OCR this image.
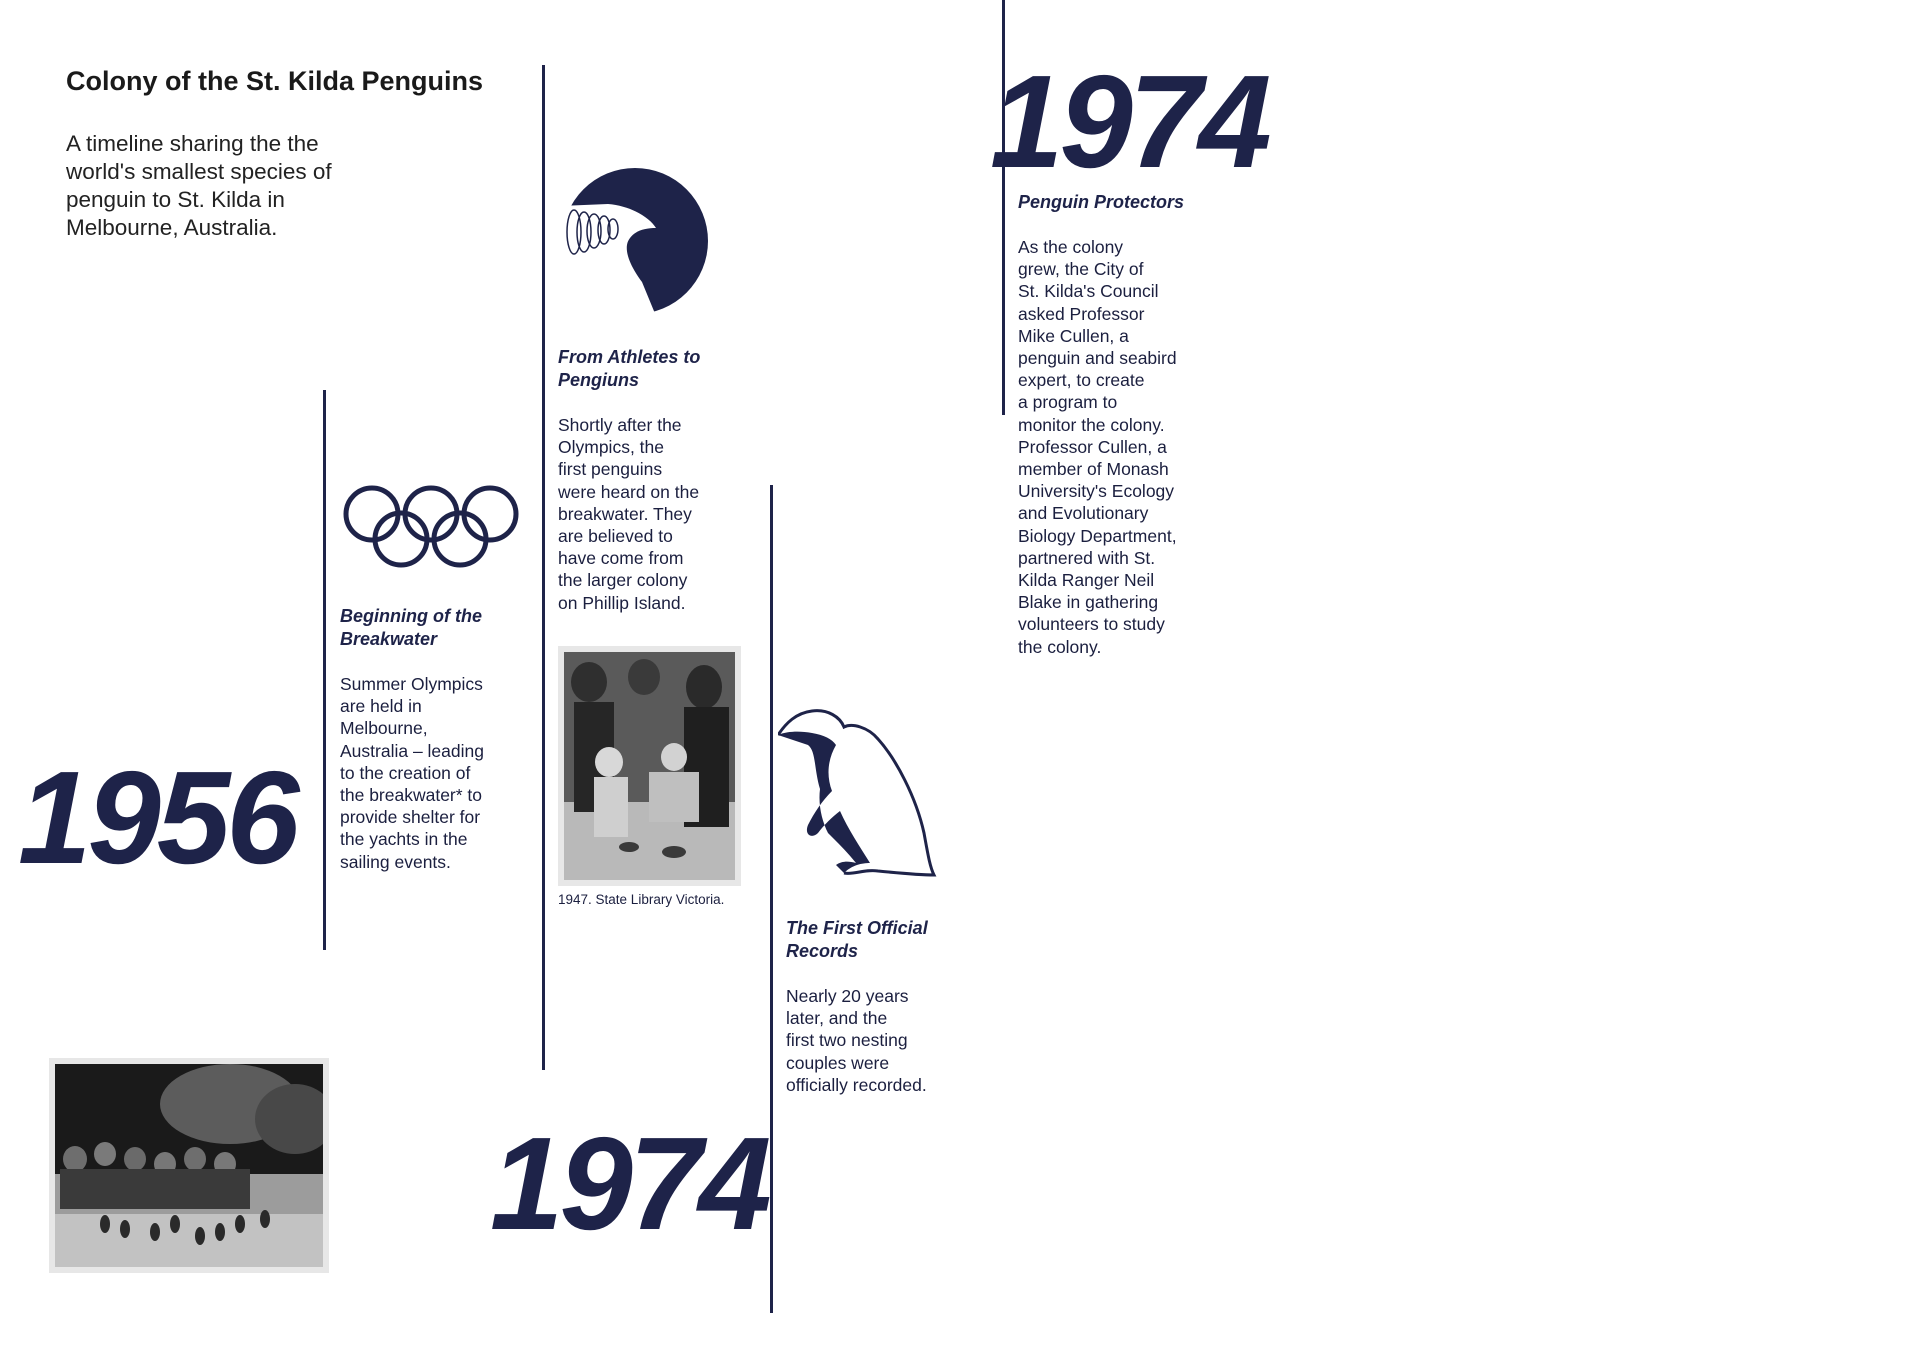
Colony of the St. Kilda Penguins
A timeline sharing the the world's smallest species of penguin to St. Kilda in Melbourne, Australia.
1956
1974
1974
Beginning of the
Breakwater
Summer Olympics
are held in
Melbourne,
Australia – leading
to the creation of
the breakwater* to
provide shelter for
the yachts in the
sailing events.
From Athletes to
Pengiuns
Shortly after the
Olympics, the
first penguins
were heard on the
breakwater. They
are believed to
have come from
the larger colony
on Phillip Island.
1947. State Library Victoria.
The First Official
Records
Nearly 20 years
later, and the
first two nesting
couples were
officially recorded.
Penguin Protectors
As the colony
grew, the City of
St. Kilda's Council
asked Professor
Mike Cullen, a
penguin and seabird
expert, to create
a program to
monitor the colony.
Professor Cullen, a
member of Monash
University's Ecology
and Evolutionary
Biology Department,
partnered with St.
Kilda Ranger Neil
Blake in gathering
volunteers to study
the colony.
